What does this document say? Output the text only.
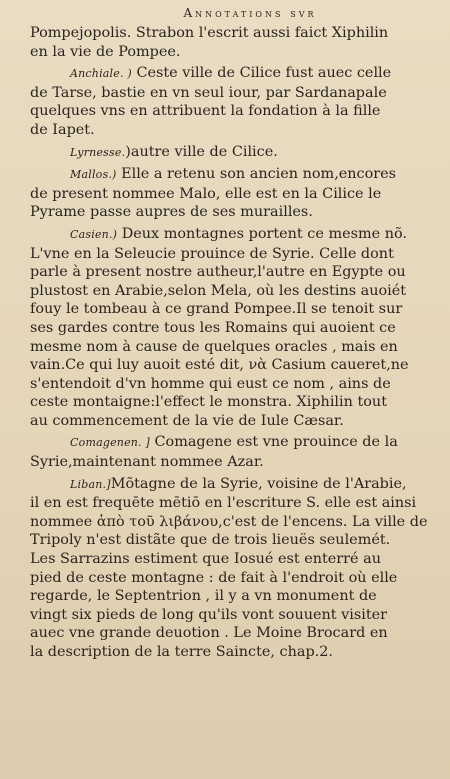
Annotations svr

Pompejopolis. Strabon l'escrit aussi faict Xiphilin
en la vie de Pompee.

Anchiale. ) Ceste ville de Cilice fust auec celle
de Tarse, bastie en vn seul iour, par Sardanapale
quelques vns en attribuent la fondation à la fille
de Iapet.

Lyrnesse.)autre ville de Cilice.

Mallos.) Elle a retenu son ancien nom,encores
de present nommee Malo, elle est en la Cilice le
Pyrame passe aupres de ses murailles.

Casien.) Deux montagnes portent ce mesme nõ.
L'vne en la Seleucie prouince de Syrie. Celle dont
parle à present nostre autheur,l'autre en Egypte ou
plustost en Arabie,selon Mela, où les destins auoiét
fouy le tombeau à ce grand Pompee.Il se tenoit sur
ses gardes contre tous les Romains qui auoient ce
mesme nom à cause de quelques oracles , mais en
vain.Ce qui luy auoit esté dit, νὰ Casium caueret,ne
s'entendoit d'vn homme qui eust ce nom , ains de
ceste montaigne:l'effect le monstra. Xiphilin tout
au commencement de la vie de Iule Cæsar.

Comagenen. ] Comagene est vne prouince de la
Syrie,maintenant nommee Azar.

Liban.]Mõtagne de la Syrie, voisine de l'Arabie,
il en est frequēte mētiō en l'escriture S. elle est ainsi
nommee ἀπὸ τοῦ λιβάνου,c'est de l'encens. La ville de
Tripoly n'est distãte que de trois lieuës seulemét.
Les Sarrazins estiment que Iosué est enterré au
pied de ceste montagne : de fait à l'endroit où elle
regarde, le Septentrion , il y a vn monument de
vingt six pieds de long qu'ils vont souuent visiter
auec vne grande deuotion . Le Moine Brocard en
la description de la terre Saincte, chap.2.
